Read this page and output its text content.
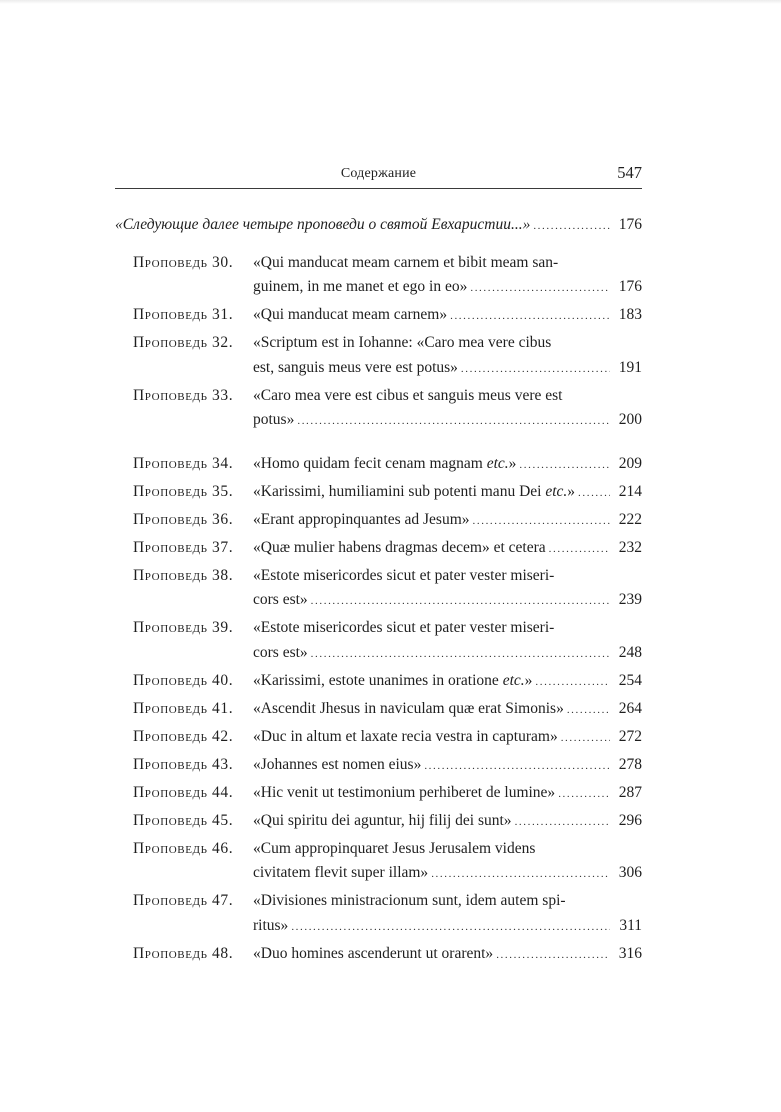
Содержание	547
«Следующие далее четыре проповеди о святой Евхаристии...» .....	176
Проповедь 30. «Qui manducat meam carnem et bibit meam san-
guinem, in me manet et ego in eo» .....	176
Проповедь 31. «Qui manducat meam carnem» .....	183
Проповедь 32. «Scriptum est in Iohanne: «Caro mea vere cibus
est, sanguis meus vere est potus» .....	191
Проповедь 33. «Caro mea vere est cibus et sanguis meus vere est
potus» .....	200
Проповедь 34. «Homo quidam fecit cenam magnam etc.» .....	209
Проповедь 35. «Karissimi, humiliamini sub potenti manu Dei etc.» .....	214
Проповедь 36. «Erant appropinquantes ad Jesum» .....	222
Проповедь 37. «Quæ mulier habens dragmas decem» et cetera .....	232
Проповедь 38. «Estote misericordes sicut et pater vester miseri-
cors est» .....	239
Проповедь 39. «Estote misericordes sicut et pater vester miseri-
cors est» .....	248
Проповедь 40. «Karissimi, estote unanimes in oratione etc.» .....	254
Проповедь 41. «Ascendit Jhesus in naviculam quæ erat Simonis» .....	264
Проповедь 42. «Duc in altum et laxate recia vestra in capturam» .....	272
Проповедь 43. «Johannes est nomen eius» .....	278
Проповедь 44. «Hic venit ut testimonium perhiberet de lumine» .....	287
Проповедь 45. «Qui spiritu dei aguntur, hij filij dei sunt» .....	296
Проповедь 46. «Cum appropinquaret Jesus Jerusalem videns
civitatem flevit super illam» .....	306
Проповедь 47. «Divisiones ministracionum sunt, idem autem spi-
ritus» .....	311
Проповедь 48. «Duo homines ascenderunt ut orarent» .....	316
